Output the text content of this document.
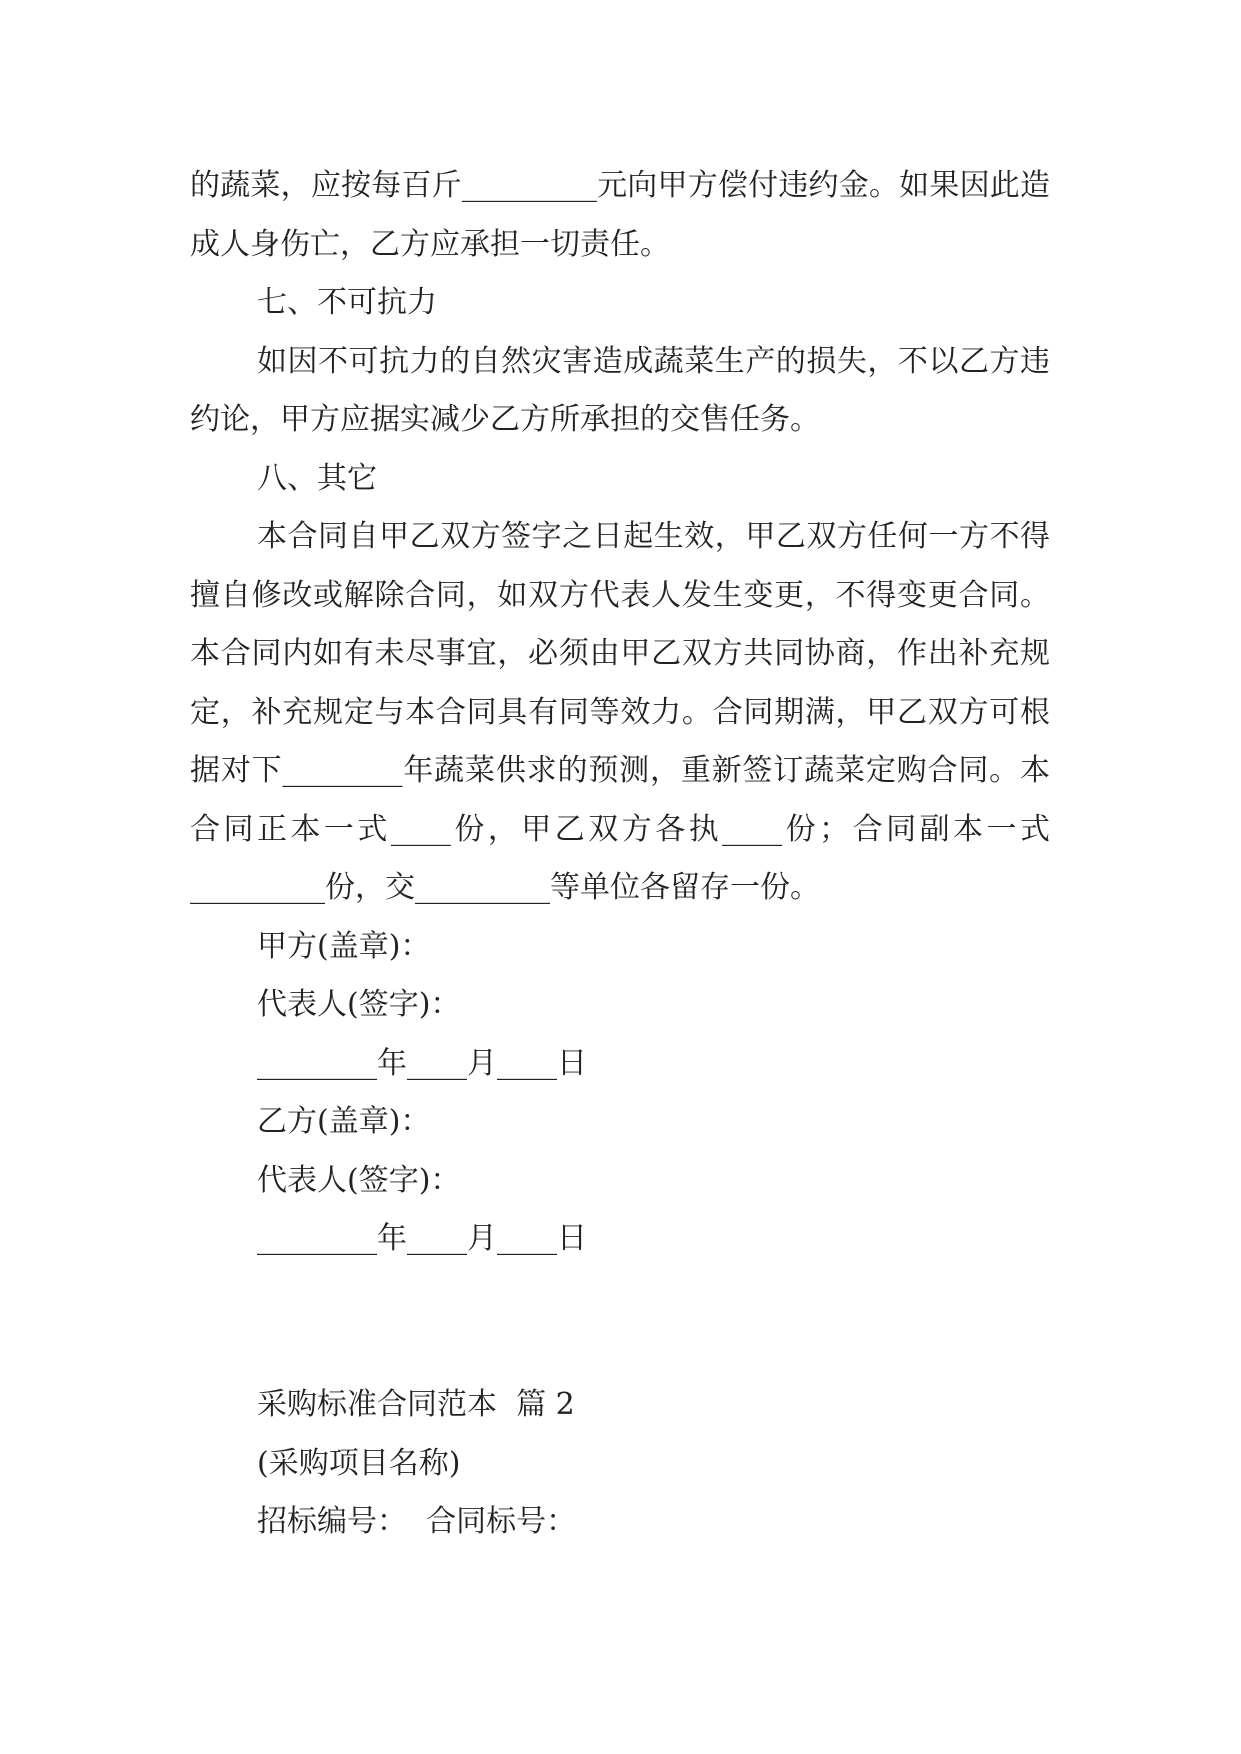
的蔬菜，应按每百斤_________元向甲方偿付违约金。如果因此造成人身伤亡，乙方应承担一切责任。

七、不可抗力

如因不可抗力的自然灾害造成蔬菜生产的损失，不以乙方违约论，甲方应据实减少乙方所承担的交售任务。

八、其它

本合同自甲乙双方签字之日起生效，甲乙双方任何一方不得擅自修改或解除合同，如双方代表人发生变更，不得变更合同。本合同内如有未尽事宜，必须由甲乙双方共同协商，作出补充规定，补充规定与本合同具有同等效力。合同期满，甲乙双方可根据对下________年蔬菜供求的预测，重新签订蔬菜定购合同。本合同正本一式____份，甲乙双方各执____份；合同副本一式_________份，交_________等单位各留存一份。

甲方(盖章)：

代表人(签字)：

________年____月____日

乙方(盖章)：

代表人(签字)：

________年____月____日

采购标准合同范本  篇 2

(采购项目名称)

招标编号：  合同标号：
